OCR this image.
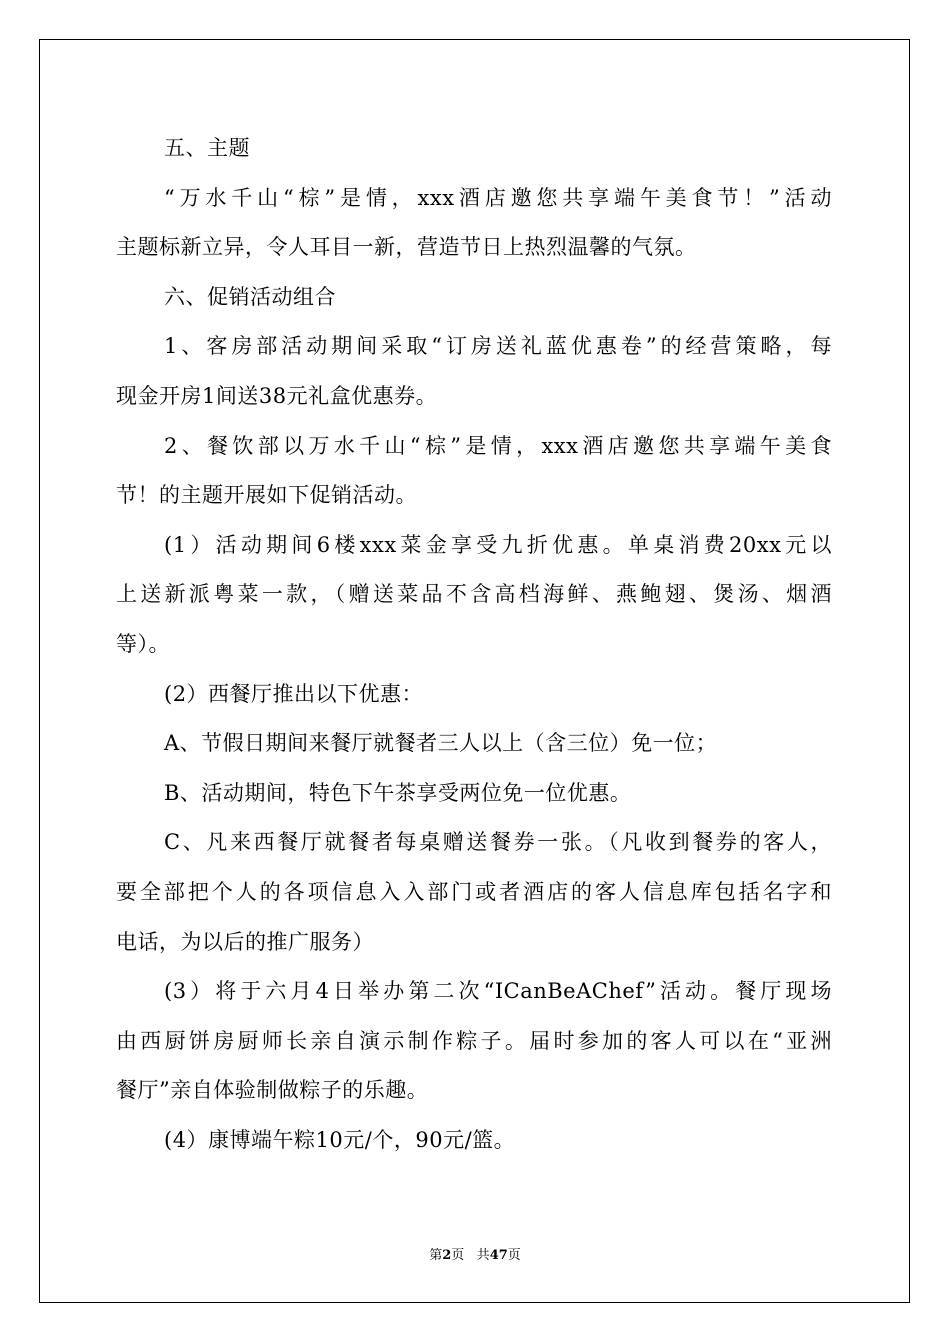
五、主题
“万水千山“棕”是情，xxx酒店邀您共享端午美食节！”活动
主题标新立异，令人耳目一新，营造节日上热烈温馨的气氛。
六、促销活动组合
1、客房部活动期间采取“订房送礼蓝优惠卷”的经营策略，每
现金开房1间送38元礼盒优惠券。
2、餐饮部以万水千山“棕”是情，xxx酒店邀您共享端午美食
节！的主题开展如下促销活动。
(1）活动期间6楼xxx菜金享受九折优惠。单桌消费20xx元以
上送新派粤菜一款，（赠送菜品不含高档海鲜、燕鲍翅、煲汤、烟酒
等）。
(2）西餐厅推出以下优惠：
A、节假日期间来餐厅就餐者三人以上（含三位）免一位；
B、活动期间，特色下午茶享受两位免一位优惠。
C、凡来西餐厅就餐者每桌赠送餐券一张。（凡收到餐券的客人，
要全部把个人的各项信息入入部门或者酒店的客人信息库包括名字和
电话，为以后的推广服务）
(3）将于六月4日举办第二次“ICanBeAChef”活动。餐厅现场
由西厨饼房厨师长亲自演示制作粽子。届时参加的客人可以在“亚洲
餐厅”亲自体验制做粽子的乐趣。
(4）康博端午粽10元/个，90元/篮。
第2页 共47页
